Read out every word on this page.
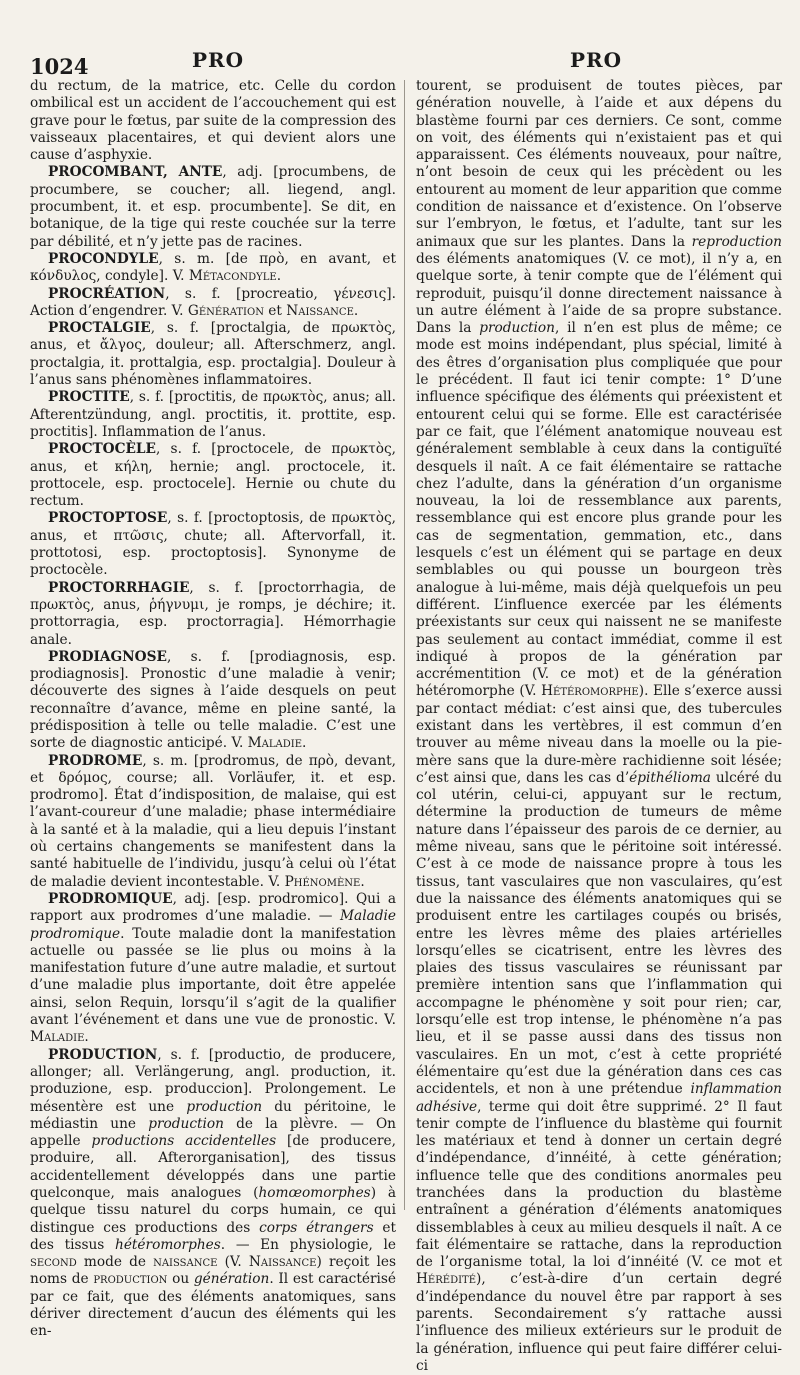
1024	PRO	PRO

du rectum, de la matrice, etc. Celle du cordon ombilical est un accident de l’accouchement qui est grave pour le fœtus, par suite de la compression des vaisseaux placentaires, et qui devient alors une cause d’asphyxie.

PROCOMBANT, ANTE, adj. [procumbens, de procumbere, se coucher; all. liegend, angl. procumbent, it. et esp. procumbente]. Se dit, en botanique, de la tige qui reste couchée sur la terre par débilité, et n’y jette pas de racines.

PROCONDYLE, s. m. [de πρὸ, en avant, et κόνδυλος, condyle]. V. Métacondyle.

PROCRÉATION, s. f. [procreatio, γένεσις]. Action d’engendrer. V. Génération et Naissance.

PROCTALGIE, s. f. [proctalgia, de πρωκτὸς, anus, et ἄλγος, douleur; all. Afterschmerz, angl. proctalgia, it. prottalgia, esp. proctalgia]. Douleur à l’anus sans phénomènes inflammatoires.

PROCTITE, s. f. [proctitis, de πρωκτὸς, anus; all. Afterentzündung, angl. proctitis, it. prottite, esp. proctitis]. Inflammation de l’anus.

PROCTOCÈLE, s. f. [proctocele, de πρωκτὸς, anus, et κήλη, hernie; angl. proctocele, it. prottocele, esp. proctocele]. Hernie ou chute du rectum.

PROCTOPTOSE, s. f. [proctoptosis, de πρωκτὸς, anus, et πτῶσις, chute; all. Aftervorfall, it. prottotosi, esp. proctoptosis]. Synonyme de proctocèle.

PROCTORRHAGIE, s. f. [proctorrhagia, de πρωκτὸς, anus, ῥήγνυμι, je romps, je déchire; it. prottorragia, esp. proctorragia]. Hémorrhagie anale.

PRODIAGNOSE, s. f. [prodiagnosis, esp. prodiagnosis]. Pronostic d’une maladie à venir; découverte des signes à l’aide desquels on peut reconnaître d’avance, même en pleine santé, la prédisposition à telle ou telle maladie. C’est une sorte de diagnostic anticipé. V. Maladie.

PRODROME, s. m. [prodromus, de πρὸ, devant, et δρόμος, course; all. Vorläufer, it. et esp. prodromo]. État d’indisposition, de malaise, qui est l’avant-coureur d’une maladie; phase intermédiaire à la santé et à la maladie, qui a lieu depuis l’instant où certains changements se manifestent dans la santé habituelle de l’individu, jusqu’à celui où l’état de maladie devient incontestable. V. Phénomène.

PRODROMIQUE, adj. [esp. prodromico]. Qui a rapport aux prodromes d’une maladie. — Maladie prodromique. Toute maladie dont la manifestation actuelle ou passée se lie plus ou moins à la manifestation future d’une autre maladie, et surtout d’une maladie plus importante, doit être appelée ainsi, selon Requin, lorsqu’il s’agit de la qualifier avant l’événement et dans une vue de pronostic. V. Maladie.

PRODUCTION, s. f. [productio, de producere, allonger; all. Verlängerung, angl. production, it. produzione, esp. produccion]. Prolongement. Le mésentère est une production du péritoine, le médiastin une production de la plèvre. — On appelle productions accidentelles [de producere, produire, all. Afterorganisation], des tissus accidentellement développés dans une partie quelconque, mais analogues (homœomorphes) à quelque tissu naturel du corps humain, ce qui distingue ces productions des corps étrangers et des tissus hétéromorphes. — En physiologie, le second mode de naissance (V. Naissance) reçoit les noms de production ou génération. Il est caractérisé par ce fait, que des éléments anatomiques, sans dériver directement d’aucun des éléments qui les en-

tourent, se produisent de toutes pièces, par génération nouvelle, à l’aide et aux dépens du blastème fourni par ces derniers. Ce sont, comme on voit, des éléments qui n’existaient pas et qui apparaissent. Ces éléments nouveaux, pour naître, n’ont besoin de ceux qui les précèdent ou les entourent au moment de leur apparition que comme condition de naissance et d’existence. On l’observe sur l’embryon, le fœtus, et l’adulte, tant sur les animaux que sur les plantes. Dans la reproduction des éléments anatomiques (V. ce mot), il n’y a, en quelque sorte, à tenir compte que de l’élément qui reproduit, puisqu’il donne directement naissance à un autre élément à l’aide de sa propre substance. Dans la production, il n’en est plus de même; ce mode est moins indépendant, plus spécial, limité à des êtres d’organisation plus compliquée que pour le précédent. Il faut ici tenir compte: 1° D’une influence spécifique des éléments qui préexistent et entourent celui qui se forme. Elle est caractérisée par ce fait, que l’élément anatomique nouveau est généralement semblable à ceux dans la contiguïté desquels il naît. A ce fait élémentaire se rattache chez l’adulte, dans la génération d’un organisme nouveau, la loi de ressemblance aux parents, ressemblance qui est encore plus grande pour les cas de segmentation, gemmation, etc., dans lesquels c’est un élément qui se partage en deux semblables ou qui pousse un bourgeon très analogue à lui-même, mais déjà quelquefois un peu différent. L’influence exercée par les éléments préexistants sur ceux qui naissent ne se manifeste pas seulement au contact immédiat, comme il est indiqué à propos de la génération par accrémentition (V. ce mot) et de la génération hétéromorphe (V. Hétéromorphe). Elle s’exerce aussi par contact médiat: c’est ainsi que, des tubercules existant dans les vertèbres, il est commun d’en trouver au même niveau dans la moelle ou la pie-mère sans que la dure-mère rachidienne soit lésée; c’est ainsi que, dans les cas d’épithélioma ulcéré du col utérin, celui-ci, appuyant sur le rectum, détermine la production de tumeurs de même nature dans l’épaisseur des parois de ce dernier, au même niveau, sans que le péritoine soit intéressé. C’est à ce mode de naissance propre à tous les tissus, tant vasculaires que non vasculaires, qu’est due la naissance des éléments anatomiques qui se produisent entre les cartilages coupés ou brisés, entre les lèvres même des plaies artérielles lorsqu’elles se cicatrisent, entre les lèvres des plaies des tissus vasculaires se réunissant par première intention sans que l’inflammation qui accompagne le phénomène y soit pour rien; car, lorsqu’elle est trop intense, le phénomène n’a pas lieu, et il se passe aussi dans des tissus non vasculaires. En un mot, c’est à cette propriété élémentaire qu’est due la génération dans ces cas accidentels, et non à une prétendue inflammation adhésive, terme qui doit être supprimé. 2° Il faut tenir compte de l’influence du blastème qui fournit les matériaux et tend à donner un certain degré d’indépendance, d’innéité, à cette génération; influence telle que des conditions anormales peu tranchées dans la production du blastème entraînent a génération d’éléments anatomiques dissemblables à ceux au milieu desquels il naît. A ce fait élémentaire se rattache, dans la reproduction de l’organisme total, la loi d’innéité (V. ce mot et Hérédité), c’est-à-dire d’un certain degré d’indépendance du nouvel être par rapport à ses parents. Secondairement s’y rattache aussi l’influence des milieux extérieurs sur le produit de la génération, influence qui peut faire différer celui-ci
